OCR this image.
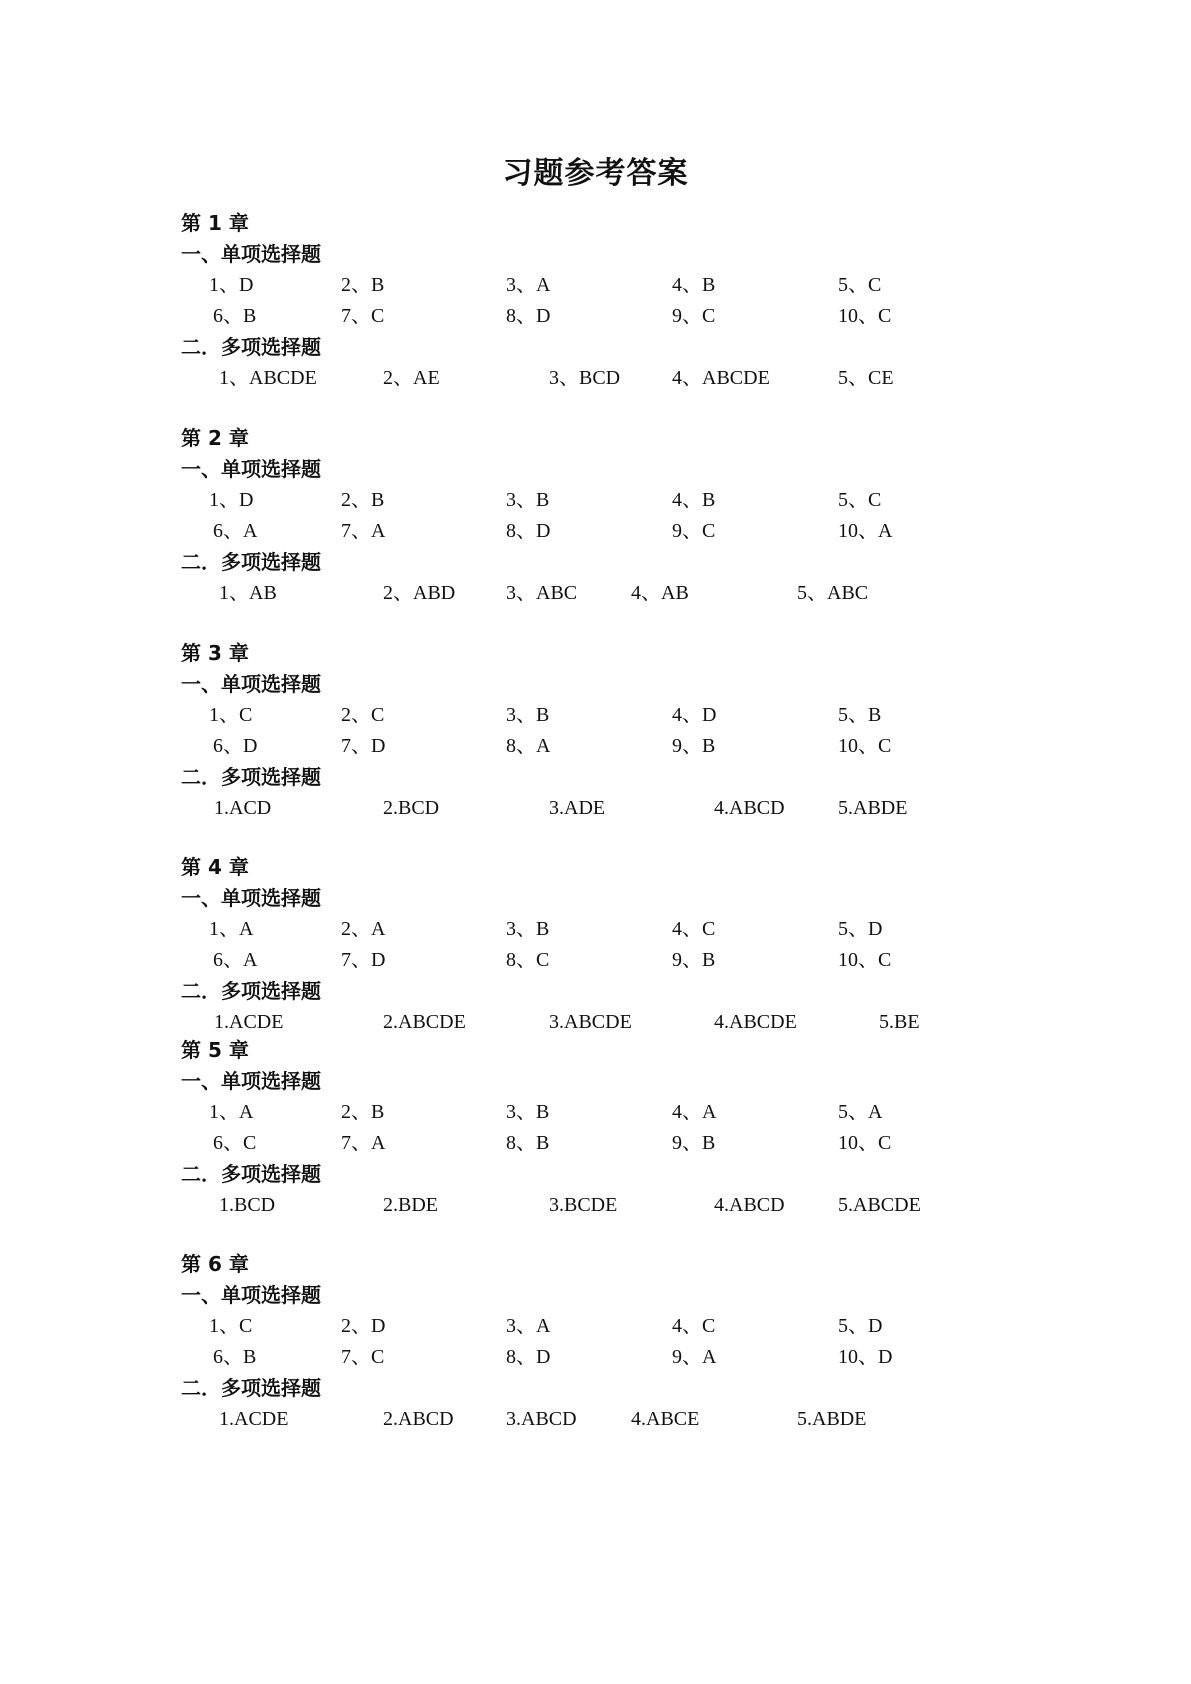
习题参考答案
第 1 章
一、单项选择题
1、D	2、B	3、A	4、B	5、C
6、B	7、C	8、D	9、C	10、C
二．多项选择题
1、ABCDE	2、AE	3、BCD	4、ABCDE	5、CE
第 2 章
一、单项选择题
1、D	2、B	3、B	4、B	5、C
6、A	7、A	8、D	9、C	10、A
二．多项选择题
1、AB	2、ABD	3、ABC	4、AB	5、ABC
第 3 章
一、单项选择题
1、C	2、C	3、B	4、D	5、B
6、D	7、D	8、A	9、B	10、C
二．多项选择题
1.ACD	2.BCD	3.ADE	4.ABCD	5.ABDE
第 4 章
一、单项选择题
1、A	2、A	3、B	4、C	5、D
6、A	7、D	8、C	9、B	10、C
二．多项选择题
1.ACDE	2.ABCDE	3.ABCDE	4.ABCDE	5.BE
第 5 章
一、单项选择题
1、A	2、B	3、B	4、A	5、A
6、C	7、A	8、B	9、B	10、C
二．多项选择题
1.BCD	2.BDE	3.BCDE	4.ABCD	5.ABCDE
第 6 章
一、单项选择题
1、C	2、D	3、A	4、C	5、D
6、B	7、C	8、D	9、A	10、D
二．多项选择题
1.ACDE	2.ABCD	3.ABCD	4.ABCE	5.ABDE
